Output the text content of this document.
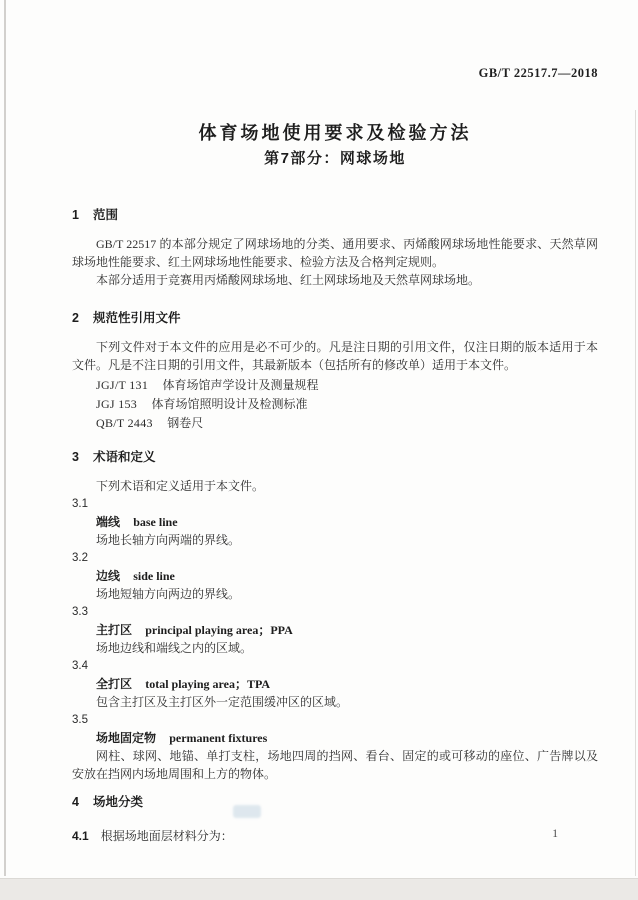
GB/T 22517.7—2018
体育场地使用要求及检验方法
第7部分：网球场地
1 范围
GB/T 22517 的本部分规定了网球场地的分类、通用要求、丙烯酸网球场地性能要求、天然草网球场地性能要求、红土网球场地性能要求、检验方法及合格判定规则。
本部分适用于竞赛用丙烯酸网球场地、红土网球场地及天然草网球场地。
2 规范性引用文件
下列文件对于本文件的应用是必不可少的。凡是注日期的引用文件，仅注日期的版本适用于本文件。凡是不注日期的引用文件，其最新版本（包括所有的修改单）适用于本文件。
JGJ/T 131 体育场馆声学设计及测量规程
JGJ 153 体育场馆照明设计及检测标准
QB/T 2443 钢卷尺
3 术语和定义
下列术语和定义适用于本文件。
3.1
端线 base line
场地长轴方向两端的界线。
3.2
边线 side line
场地短轴方向两边的界线。
3.3
主打区 principal playing area；PPA
场地边线和端线之内的区域。
3.4
全打区 total playing area；TPA
包含主打区及主打区外一定范围缓冲区的区域。
3.5
场地固定物 permanent fixtures
网柱、球网、地锚、单打支柱，场地四周的挡网、看台、固定的或可移动的座位、广告牌以及安放在挡网内场地周围和上方的物体。
4 场地分类
4.1 根据场地面层材料分为：	1
